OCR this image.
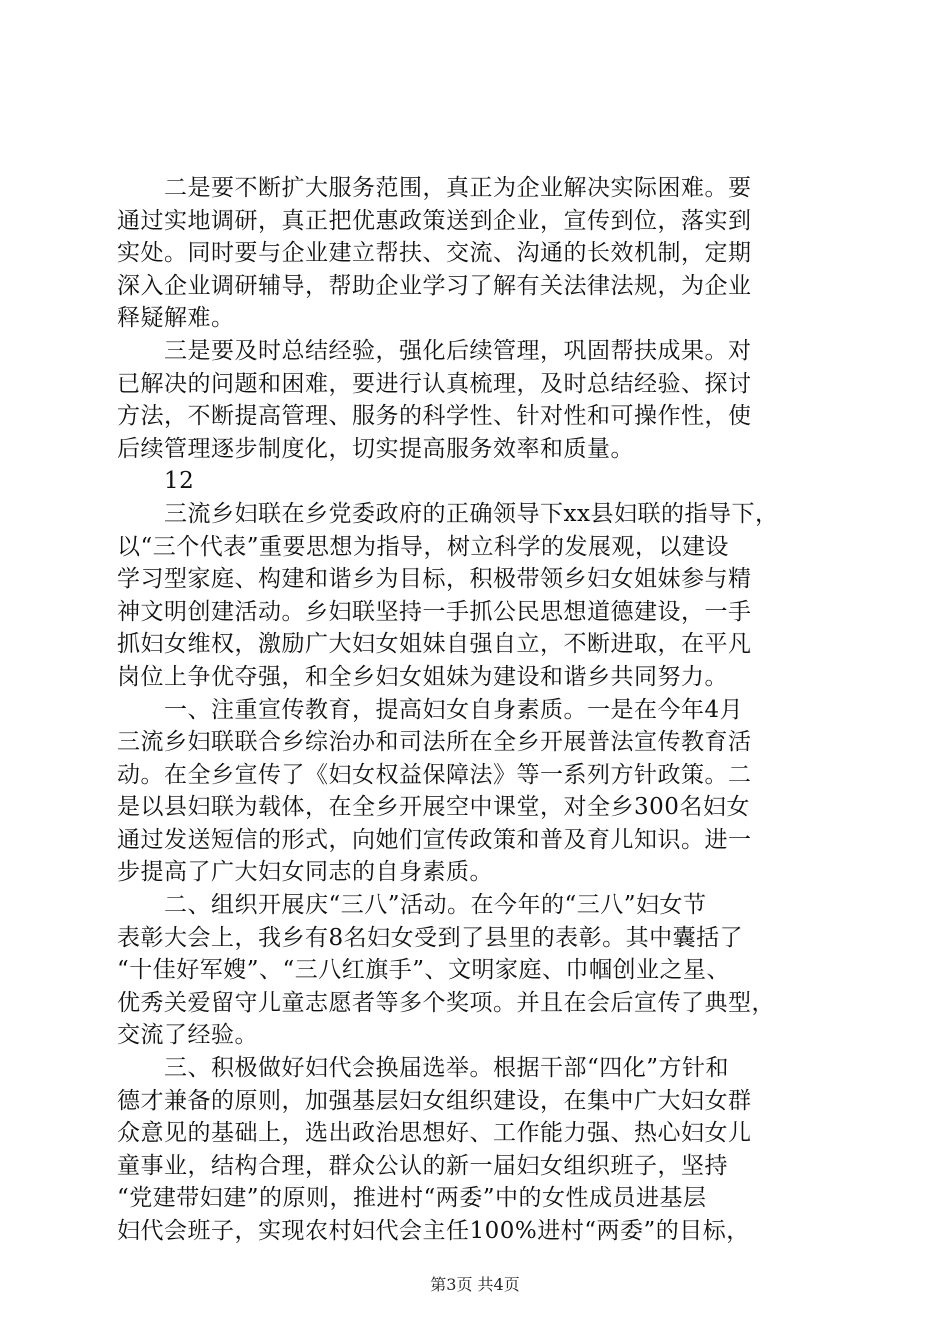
　　二是要不断扩大服务范围，真正为企业解决实际困难。要
通过实地调研，真正把优惠政策送到企业，宣传到位，落实到
实处。同时要与企业建立帮扶、交流、沟通的长效机制，定期
深入企业调研辅导，帮助企业学习了解有关法律法规，为企业
释疑解难。

　　三是要及时总结经验，强化后续管理，巩固帮扶成果。对
已解决的问题和困难，要进行认真梳理，及时总结经验、探讨
方法，不断提高管理、服务的科学性、针对性和可操作性，使
后续管理逐步制度化，切实提高服务效率和质量。

　　12

　　三流乡妇联在乡党委政府的正确领导下xx县妇联的指导下，
以“三个代表”重要思想为指导，树立科学的发展观，以建设
学习型家庭、构建和谐乡为目标，积极带领乡妇女姐妹参与精
神文明创建活动。乡妇联坚持一手抓公民思想道德建设，一手
抓妇女维权，激励广大妇女姐妹自强自立，不断进取，在平凡
岗位上争优夺强，和全乡妇女姐妹为建设和谐乡共同努力。

　　一、注重宣传教育，提高妇女自身素质。一是在今年4月
三流乡妇联联合乡综治办和司法所在全乡开展普法宣传教育活
动。在全乡宣传了《妇女权益保障法》等一系列方针政策。二
是以县妇联为载体，在全乡开展空中课堂，对全乡300名妇女
通过发送短信的形式，向她们宣传政策和普及育儿知识。进一
步提高了广大妇女同志的自身素质。

　　二、组织开展庆“三八”活动。在今年的“三八”妇女节
表彰大会上，我乡有8名妇女受到了县里的表彰。其中囊括了
“十佳好军嫂”、“三八红旗手”、文明家庭、巾帼创业之星、
优秀关爱留守儿童志愿者等多个奖项。并且在会后宣传了典型，
交流了经验。

　　三、积极做好妇代会换届选举。根据干部“四化”方针和
德才兼备的原则，加强基层妇女组织建设，在集中广大妇女群
众意见的基础上，选出政治思想好、工作能力强、热心妇女儿
童事业，结构合理，群众公认的新一届妇女组织班子，坚持
“党建带妇建”的原则，推进村“两委”中的女性成员进基层
妇代会班子，实现农村妇代会主任100%进村“两委”的目标，

第3页 共4页
